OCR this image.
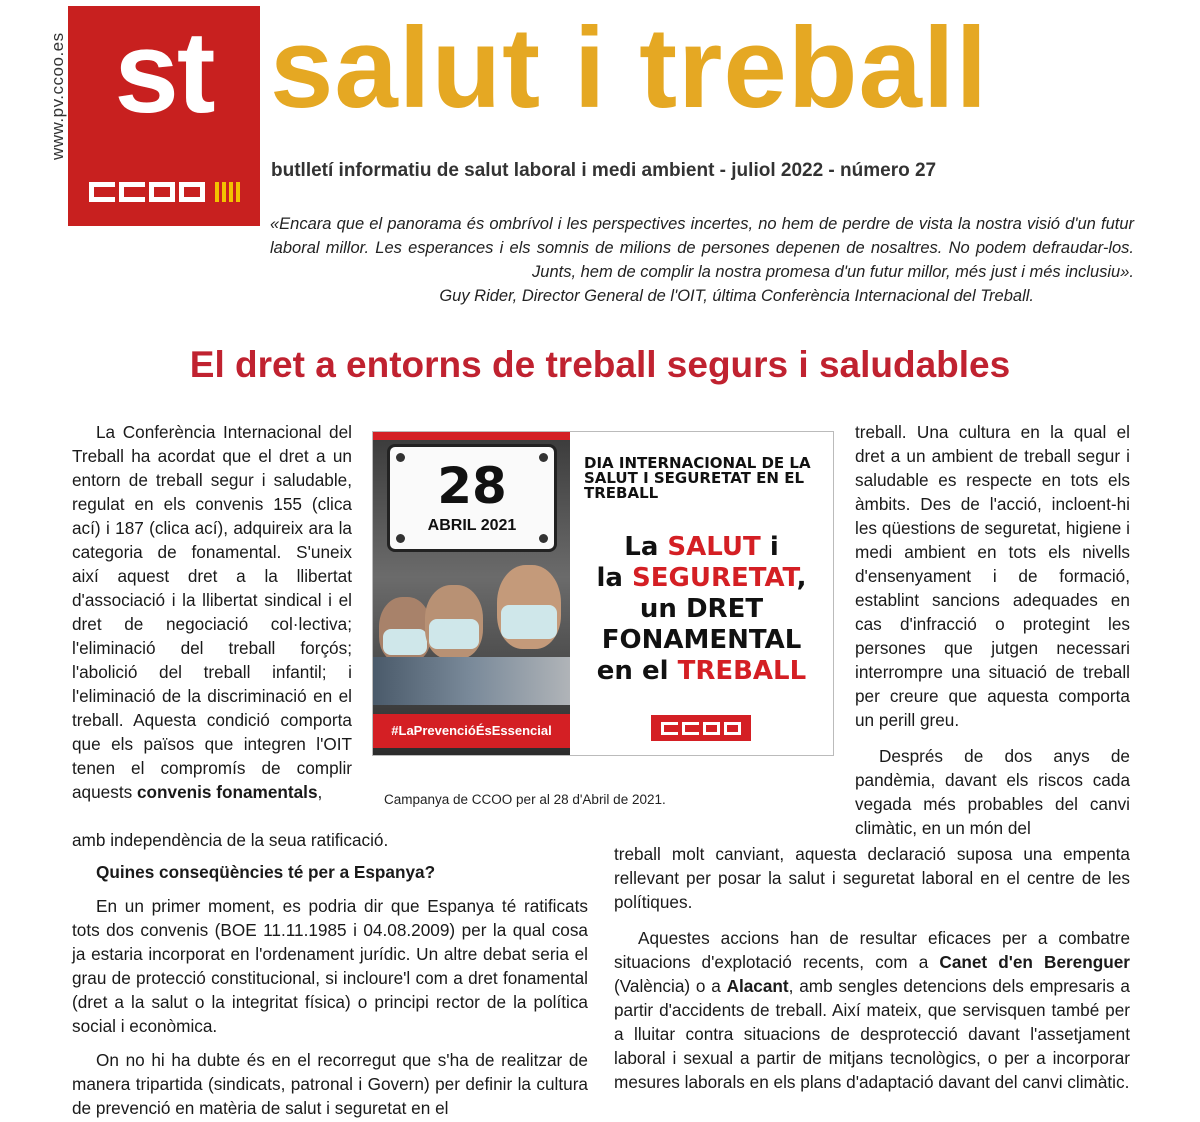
www.pv.ccoo.es st salut i treball
butlletí informatiu de salut laboral i medi ambient - juliol 2022 - número 27
«Encara que el panorama és ombrívol i les perspectives incertes, no hem de perdre de vista la nostra visió d'un futur laboral millor. Les esperances i els somnis de milions de persones depenen de nosaltres. No podem defraudar-los. Junts, hem de complir la nostra promesa d'un futur millor, més just i més inclusiu».
Guy Rider, Director General de l'OIT, última Conferència Internacional del Treball.
El dret a entorns de treball segurs i saludables

La Conferència Internacional del Treball ha acordat que el dret a un entorn de treball segur i saludable, regulat en els convenis 155 (clica ací) i 187 (clica ací), adquireix ara la categoria de fonamental. S'uneix així aquest dret a la llibertat d'associació i la llibertat sindical i el dret de negociació col·lectiva; l'eliminació del treball forçós; l'abolició del treball infantil; i l'eliminació de la discriminació en el treball. Aquesta condició comporta que els països que integren l'OIT tenen el compromís de complir aquests convenis fonamentals,

amb independència de la seua ratificació.

Quines conseqüències té per a Espanya?

En un primer moment, es podria dir que Espanya té ratificats tots dos convenis (BOE 11.11.1985 i 04.08.2009) per la qual cosa ja estaria incorporat en l'ordenament jurídic. Un altre debat seria el grau de protecció constitucional, si incloure'l com a dret fonamental (dret a la salut o la integritat física) o principi rector de la política social i econòmica.

On no hi ha dubte és en el recorregut que s'ha de realitzar de manera tripartida (sindicats, patronal i Govern) per definir la cultura de prevenció en matèria de salut i seguretat en el

28
ABRIL 2021
#LaPrevencióÉsEssencial
DIA INTERNACIONAL DE LA SALUT I SEGURETAT EN EL TREBALL
La SALUT i
la SEGURETAT,
un DRET
FONAMENTAL
en el TREBALL
Campanya de CCOO per al 28 d'Abril de 2021.

treball. Una cultura en la qual el dret a un ambient de treball segur i saludable es respecte en tots els àmbits. Des de l'acció, incloent-hi les qüestions de seguretat, higiene i medi ambient en tots els nivells d'ensenyament i de formació, establint sancions adequades en cas d'infracció o protegint les persones que jutgen necessari interrompre una situació de treball per creure que aquesta comporta un perill greu.

Després de dos anys de pandèmia, davant els riscos cada vegada més probables del canvi climàtic, en un món del

treball molt canviant, aquesta declaració suposa una empenta rellevant per posar la salut i seguretat laboral en el centre de les polítiques.

Aquestes accions han de resultar eficaces per a combatre situacions d'explotació recents, com a Canet d'en Berenguer (València) o a Alacant, amb sengles detencions dels empresaris a partir d'accidents de treball. Així mateix, que servisquen també per a lluitar contra situacions de desprotecció davant l'assetjament laboral i sexual a partir de mitjans tecnològics, o per a incorporar mesures laborals en els plans d'adaptació davant del canvi climàtic.
